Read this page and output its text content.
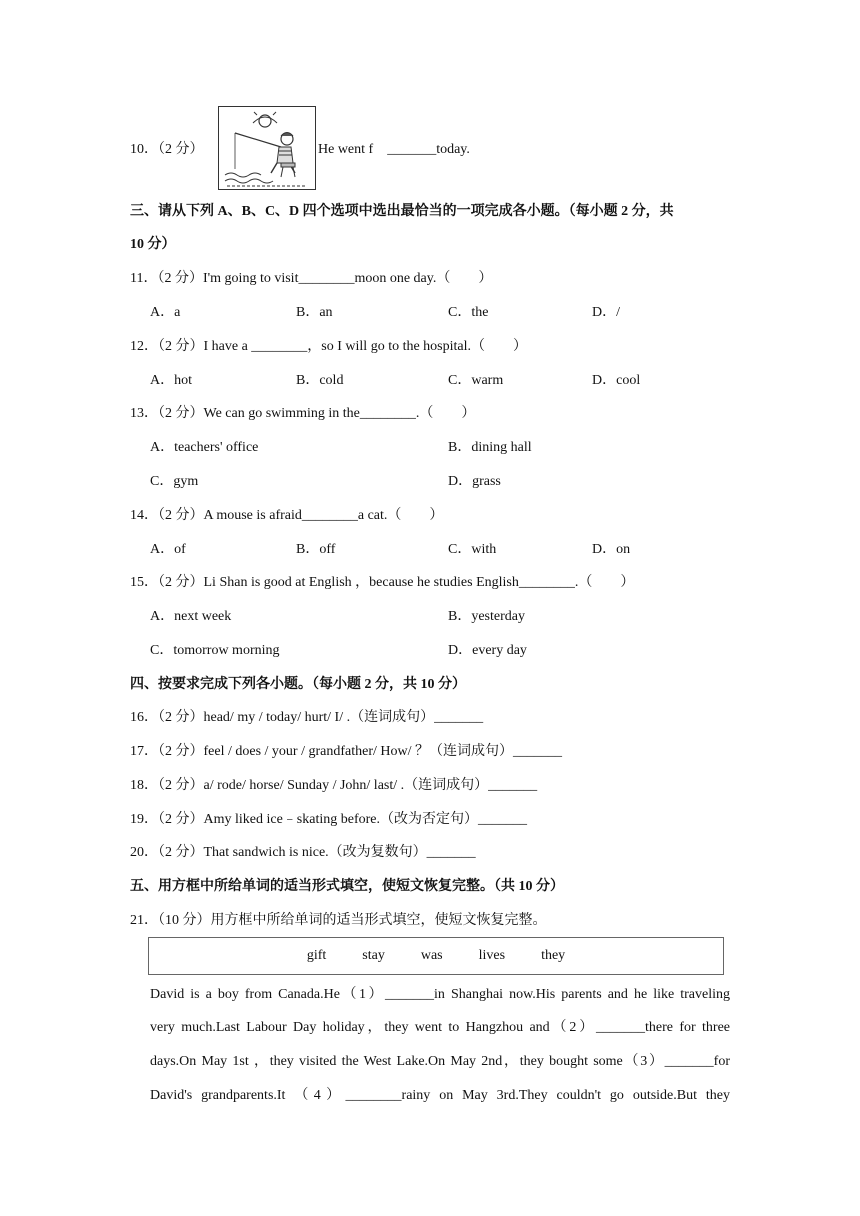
10．（2 分）	He went f　_______today.
三、请从下列 A、B、C、D 四个选项中选出最恰当的一项完成各小题。（每小题 2 分，共
10 分）
11．（2 分）I'm going to visit________moon one day.（　　）
A．a	B．an	C．the	D．/
12．（2 分）I have a ________，so I will go to the hospital.（　　）
A．hot	B．cold	C．warm	D．cool
13．（2 分）We can go swimming in the________.（　　）
A．teachers' office	B．dining hall
C．gym	D．grass
14．（2 分）A mouse is afraid________a cat.（　　）
A．of	B．off	C．with	D．on
15．（2 分）Li Shan is good at English ，because he studies English________.（　　）
A．next week	B．yesterday
C．tomorrow morning	D．every day
四、按要求完成下列各小题。（每小题 2 分，共 10 分）
16．（2 分）head/ my / today/ hurt/ I/ .（连词成句）_______
17．（2 分）feel / does / your / grandfather/ How/ ？（连词成句）_______
18．（2 分）a/ rode/ horse/ Sunday / John/ last/ .（连词成句）_______
19．（2 分）Amy liked ice﹣skating before.（改为否定句）_______
20．（2 分）That sandwich is nice.（改为复数句）_______
五、用方框中所给单词的适当形式填空，使短文恢复完整。（共 10 分）
21．（10 分）用方框中所给单词的适当形式填空，使短文恢复完整。
gift	stay	was	lives	they
David is a boy from Canada.He（1）_______in Shanghai now.His parents and he like traveling
very much.Last Labour Day holiday，they went to Hangzhou and（2）_______there for three
days.On May 1st ，they visited the West Lake.On May 2nd，they bought some（3）_______for
David's grandparents.It （4）________rainy on May 3rd.They couldn't go outside.But they
